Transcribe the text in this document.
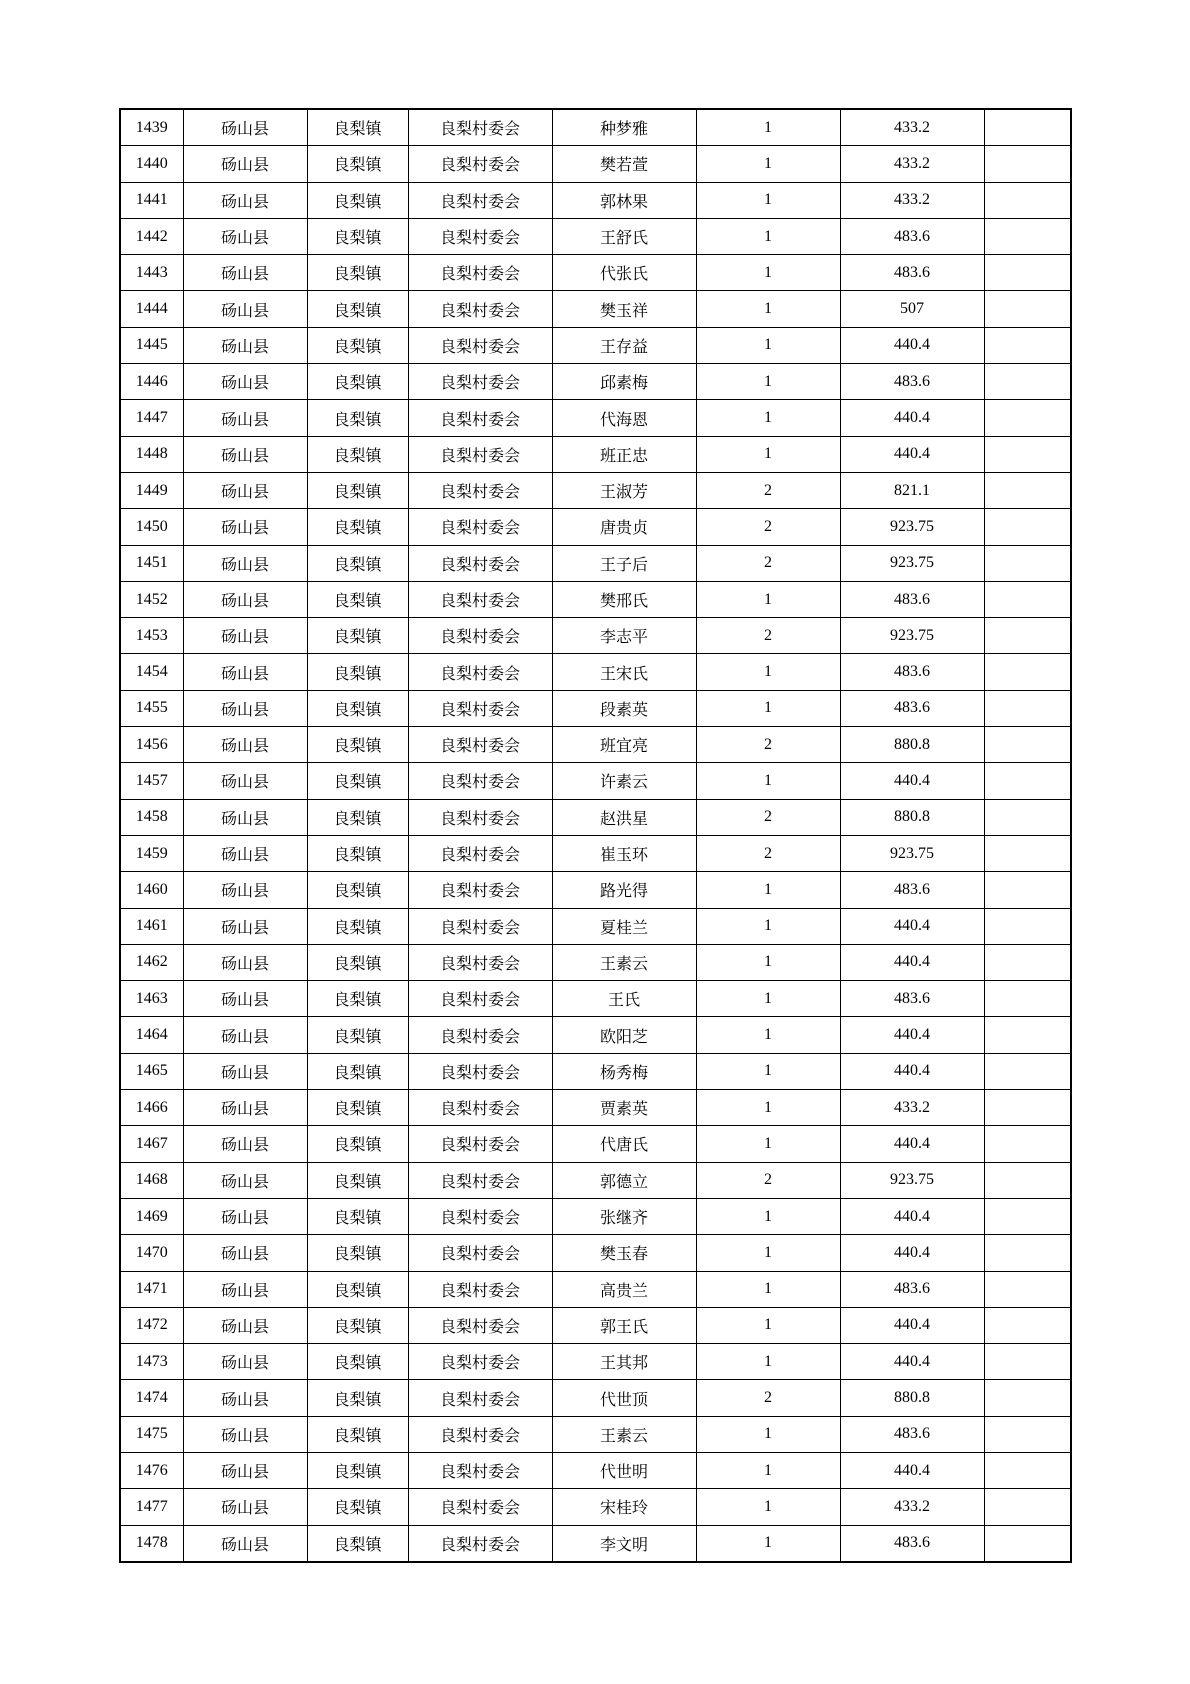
1439	砀山县	良梨镇	良梨村委会	种梦雅	1	433.2	
1440	砀山县	良梨镇	良梨村委会	樊若萱	1	433.2	
1441	砀山县	良梨镇	良梨村委会	郭林果	1	433.2	
1442	砀山县	良梨镇	良梨村委会	王舒氏	1	483.6	
1443	砀山县	良梨镇	良梨村委会	代张氏	1	483.6	
1444	砀山县	良梨镇	良梨村委会	樊玉祥	1	507	
1445	砀山县	良梨镇	良梨村委会	王存益	1	440.4	
1446	砀山县	良梨镇	良梨村委会	邱素梅	1	483.6	
1447	砀山县	良梨镇	良梨村委会	代海恩	1	440.4	
1448	砀山县	良梨镇	良梨村委会	班正忠	1	440.4	
1449	砀山县	良梨镇	良梨村委会	王淑芳	2	821.1	
1450	砀山县	良梨镇	良梨村委会	唐贵贞	2	923.75	
1451	砀山县	良梨镇	良梨村委会	王子后	2	923.75	
1452	砀山县	良梨镇	良梨村委会	樊邢氏	1	483.6	
1453	砀山县	良梨镇	良梨村委会	李志平	2	923.75	
1454	砀山县	良梨镇	良梨村委会	王宋氏	1	483.6	
1455	砀山县	良梨镇	良梨村委会	段素英	1	483.6	
1456	砀山县	良梨镇	良梨村委会	班宜亮	2	880.8	
1457	砀山县	良梨镇	良梨村委会	许素云	1	440.4	
1458	砀山县	良梨镇	良梨村委会	赵洪星	2	880.8	
1459	砀山县	良梨镇	良梨村委会	崔玉环	2	923.75	
1460	砀山县	良梨镇	良梨村委会	路光得	1	483.6	
1461	砀山县	良梨镇	良梨村委会	夏桂兰	1	440.4	
1462	砀山县	良梨镇	良梨村委会	王素云	1	440.4	
1463	砀山县	良梨镇	良梨村委会	王氏	1	483.6	
1464	砀山县	良梨镇	良梨村委会	欧阳芝	1	440.4	
1465	砀山县	良梨镇	良梨村委会	杨秀梅	1	440.4	
1466	砀山县	良梨镇	良梨村委会	贾素英	1	433.2	
1467	砀山县	良梨镇	良梨村委会	代唐氏	1	440.4	
1468	砀山县	良梨镇	良梨村委会	郭德立	2	923.75	
1469	砀山县	良梨镇	良梨村委会	张继齐	1	440.4	
1470	砀山县	良梨镇	良梨村委会	樊玉春	1	440.4	
1471	砀山县	良梨镇	良梨村委会	高贵兰	1	483.6	
1472	砀山县	良梨镇	良梨村委会	郭王氏	1	440.4	
1473	砀山县	良梨镇	良梨村委会	王其邦	1	440.4	
1474	砀山县	良梨镇	良梨村委会	代世顶	2	880.8	
1475	砀山县	良梨镇	良梨村委会	王素云	1	483.6	
1476	砀山县	良梨镇	良梨村委会	代世明	1	440.4	
1477	砀山县	良梨镇	良梨村委会	宋桂玲	1	433.2	
1478	砀山县	良梨镇	良梨村委会	李文明	1	483.6	
